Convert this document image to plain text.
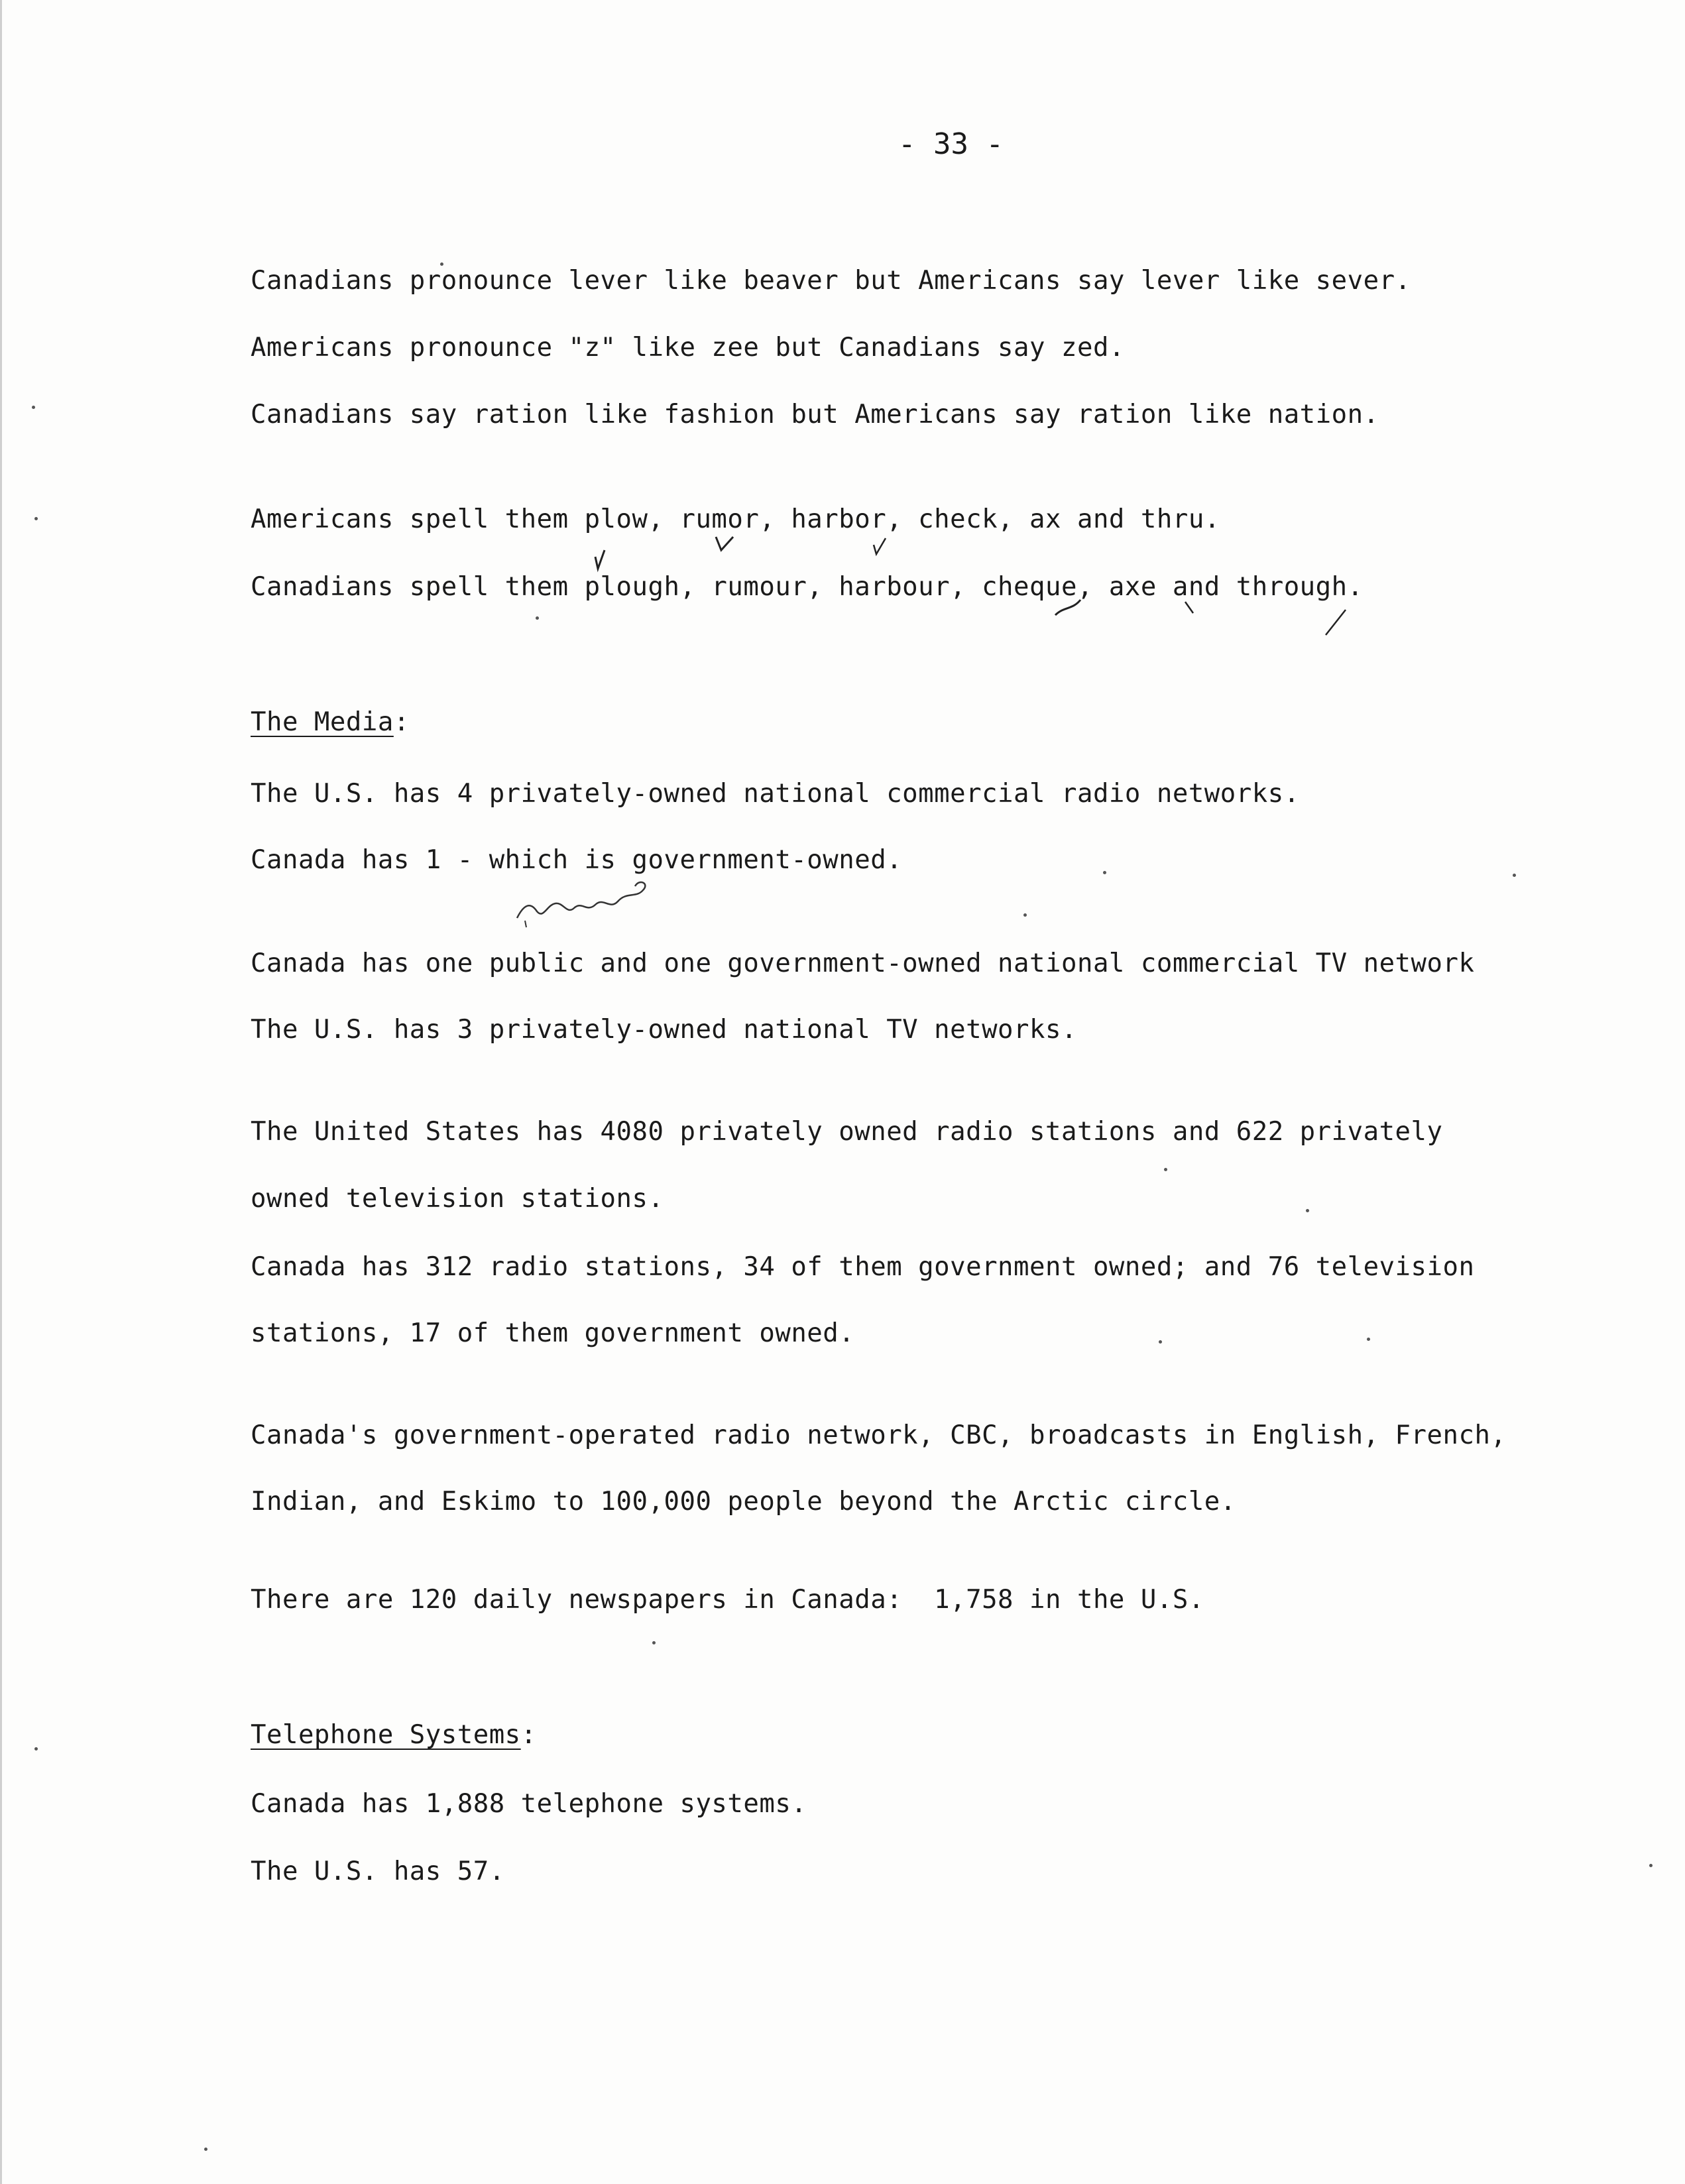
- 33 -
Canadians pronounce lever like beaver but Americans say lever like sever.
Americans pronounce "z" like zee but Canadians say zed.
Canadians say ration like fashion but Americans say ration like nation.
Americans spell them plow, rumor, harbor, check, ax and thru.
Canadians spell them plough, rumour, harbour, cheque, axe and through.
The Media:
The U.S. has 4 privately-owned national commercial radio networks.
Canada has 1 - which is government-owned.
Canada has one public and one government-owned national commercial TV network
The U.S. has 3 privately-owned national TV networks.
The United States has 4080 privately owned radio stations and 622 privately
owned television stations.
Canada has 312 radio stations, 34 of them government owned; and 76 television
stations, 17 of them government owned.
Canada's government-operated radio network, CBC, broadcasts in English, French,
Indian, and Eskimo to 100,000 people beyond the Arctic circle.
There are 120 daily newspapers in Canada:  1,758 in the U.S.
Telephone Systems:
Canada has 1,888 telephone systems.
The U.S. has 57.
